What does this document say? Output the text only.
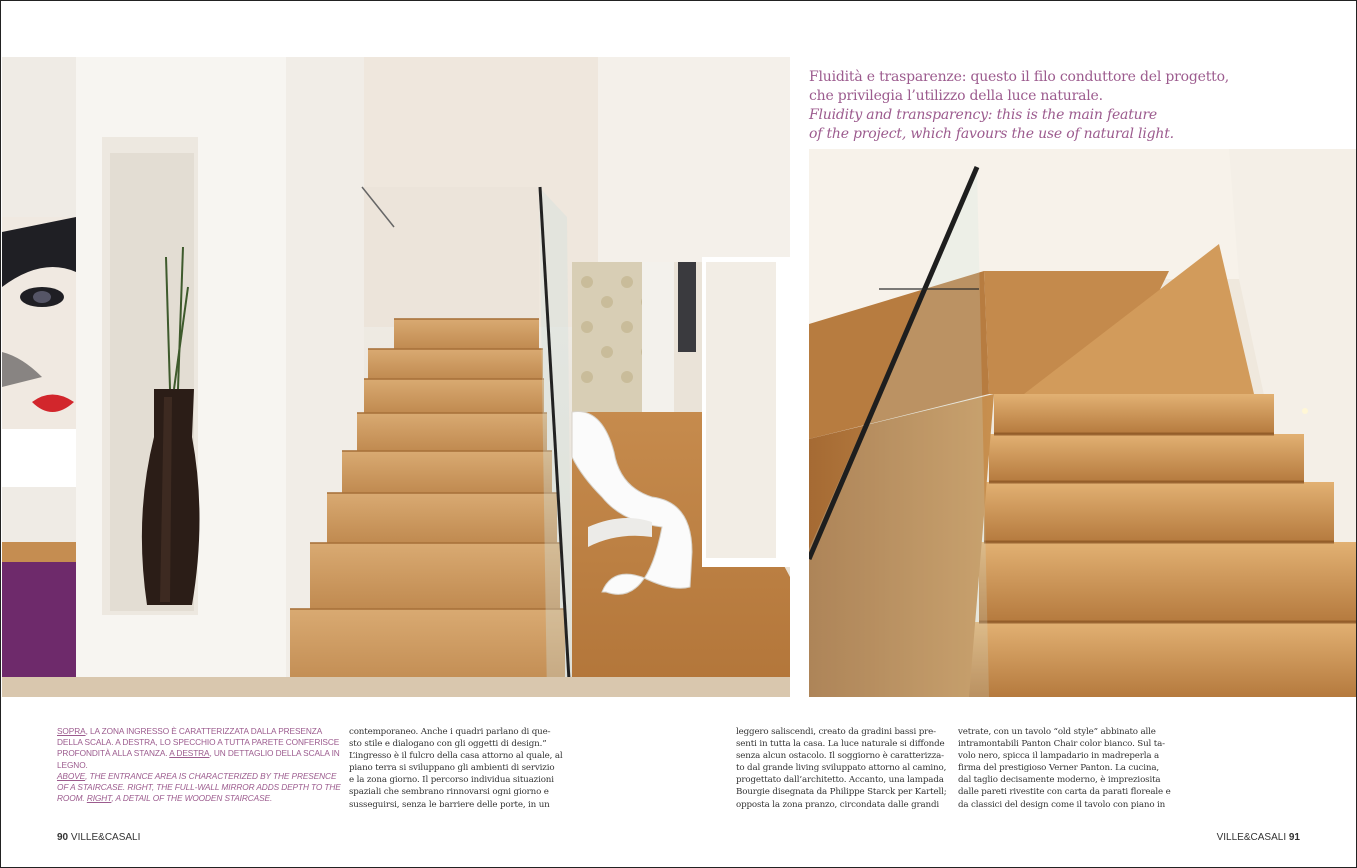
Fluidità e trasparenze: questo il filo conduttore del progetto,

che privilegia l’utilizzo della luce naturale.

Fluidity and transparency: this is the main feature

of the project, which favours the use of natural light.

SOPRA, LA ZONA INGRESSO È CARATTERIZZATA DALLA PRESENZA

DELLA SCALA. A DESTRA, LO SPECCHIO A TUTTA PARETE CONFERISCE

PROFONDITÀ ALLA STANZA. A DESTRA, UN DETTAGLIO DELLA SCALA IN

LEGNO.

ABOVE, THE ENTRANCE AREA IS CHARACTERIZED BY THE PRESENCE

OF A STAIRCASE. RIGHT, THE FULL-WALL MIRROR ADDS DEPTH TO THE

ROOM. RIGHT, A DETAIL OF THE WOODEN STAIRCASE.

contemporaneo. Anche i quadri parlano di que-

sto stile e dialogano con gli oggetti di design.”

L’ingresso è il fulcro della casa attorno al quale, al

piano terra si sviluppano gli ambienti di servizio

e la zona giorno. Il percorso individua situazioni

spaziali che sembrano rinnovarsi ogni giorno e

susseguirsi, senza le barriere delle porte, in un

leggero saliscendi, creato da gradini bassi pre-

senti in tutta la casa. La luce naturale si diffonde

senza alcun ostacolo. Il soggiorno è caratterizza-

to dal grande living sviluppato attorno al camino,

progettato dall’architetto. Accanto, una lampada

Bourgie disegnata da Philippe Starck per Kartell;

opposta la zona pranzo, circondata dalle grandi

vetrate, con un tavolo “old style” abbinato alle

intramontabili Panton Chair color bianco. Sul ta-

volo nero, spicca il lampadario in madreperla a

firma del prestigioso Verner Panton. La cucina,

dal taglio decisamente moderno, è impreziosita

dalle pareti rivestite con carta da parati floreale e

da classici del design come il tavolo con piano in

90 VILLE&CASALI	VILLE&CASALI 91
